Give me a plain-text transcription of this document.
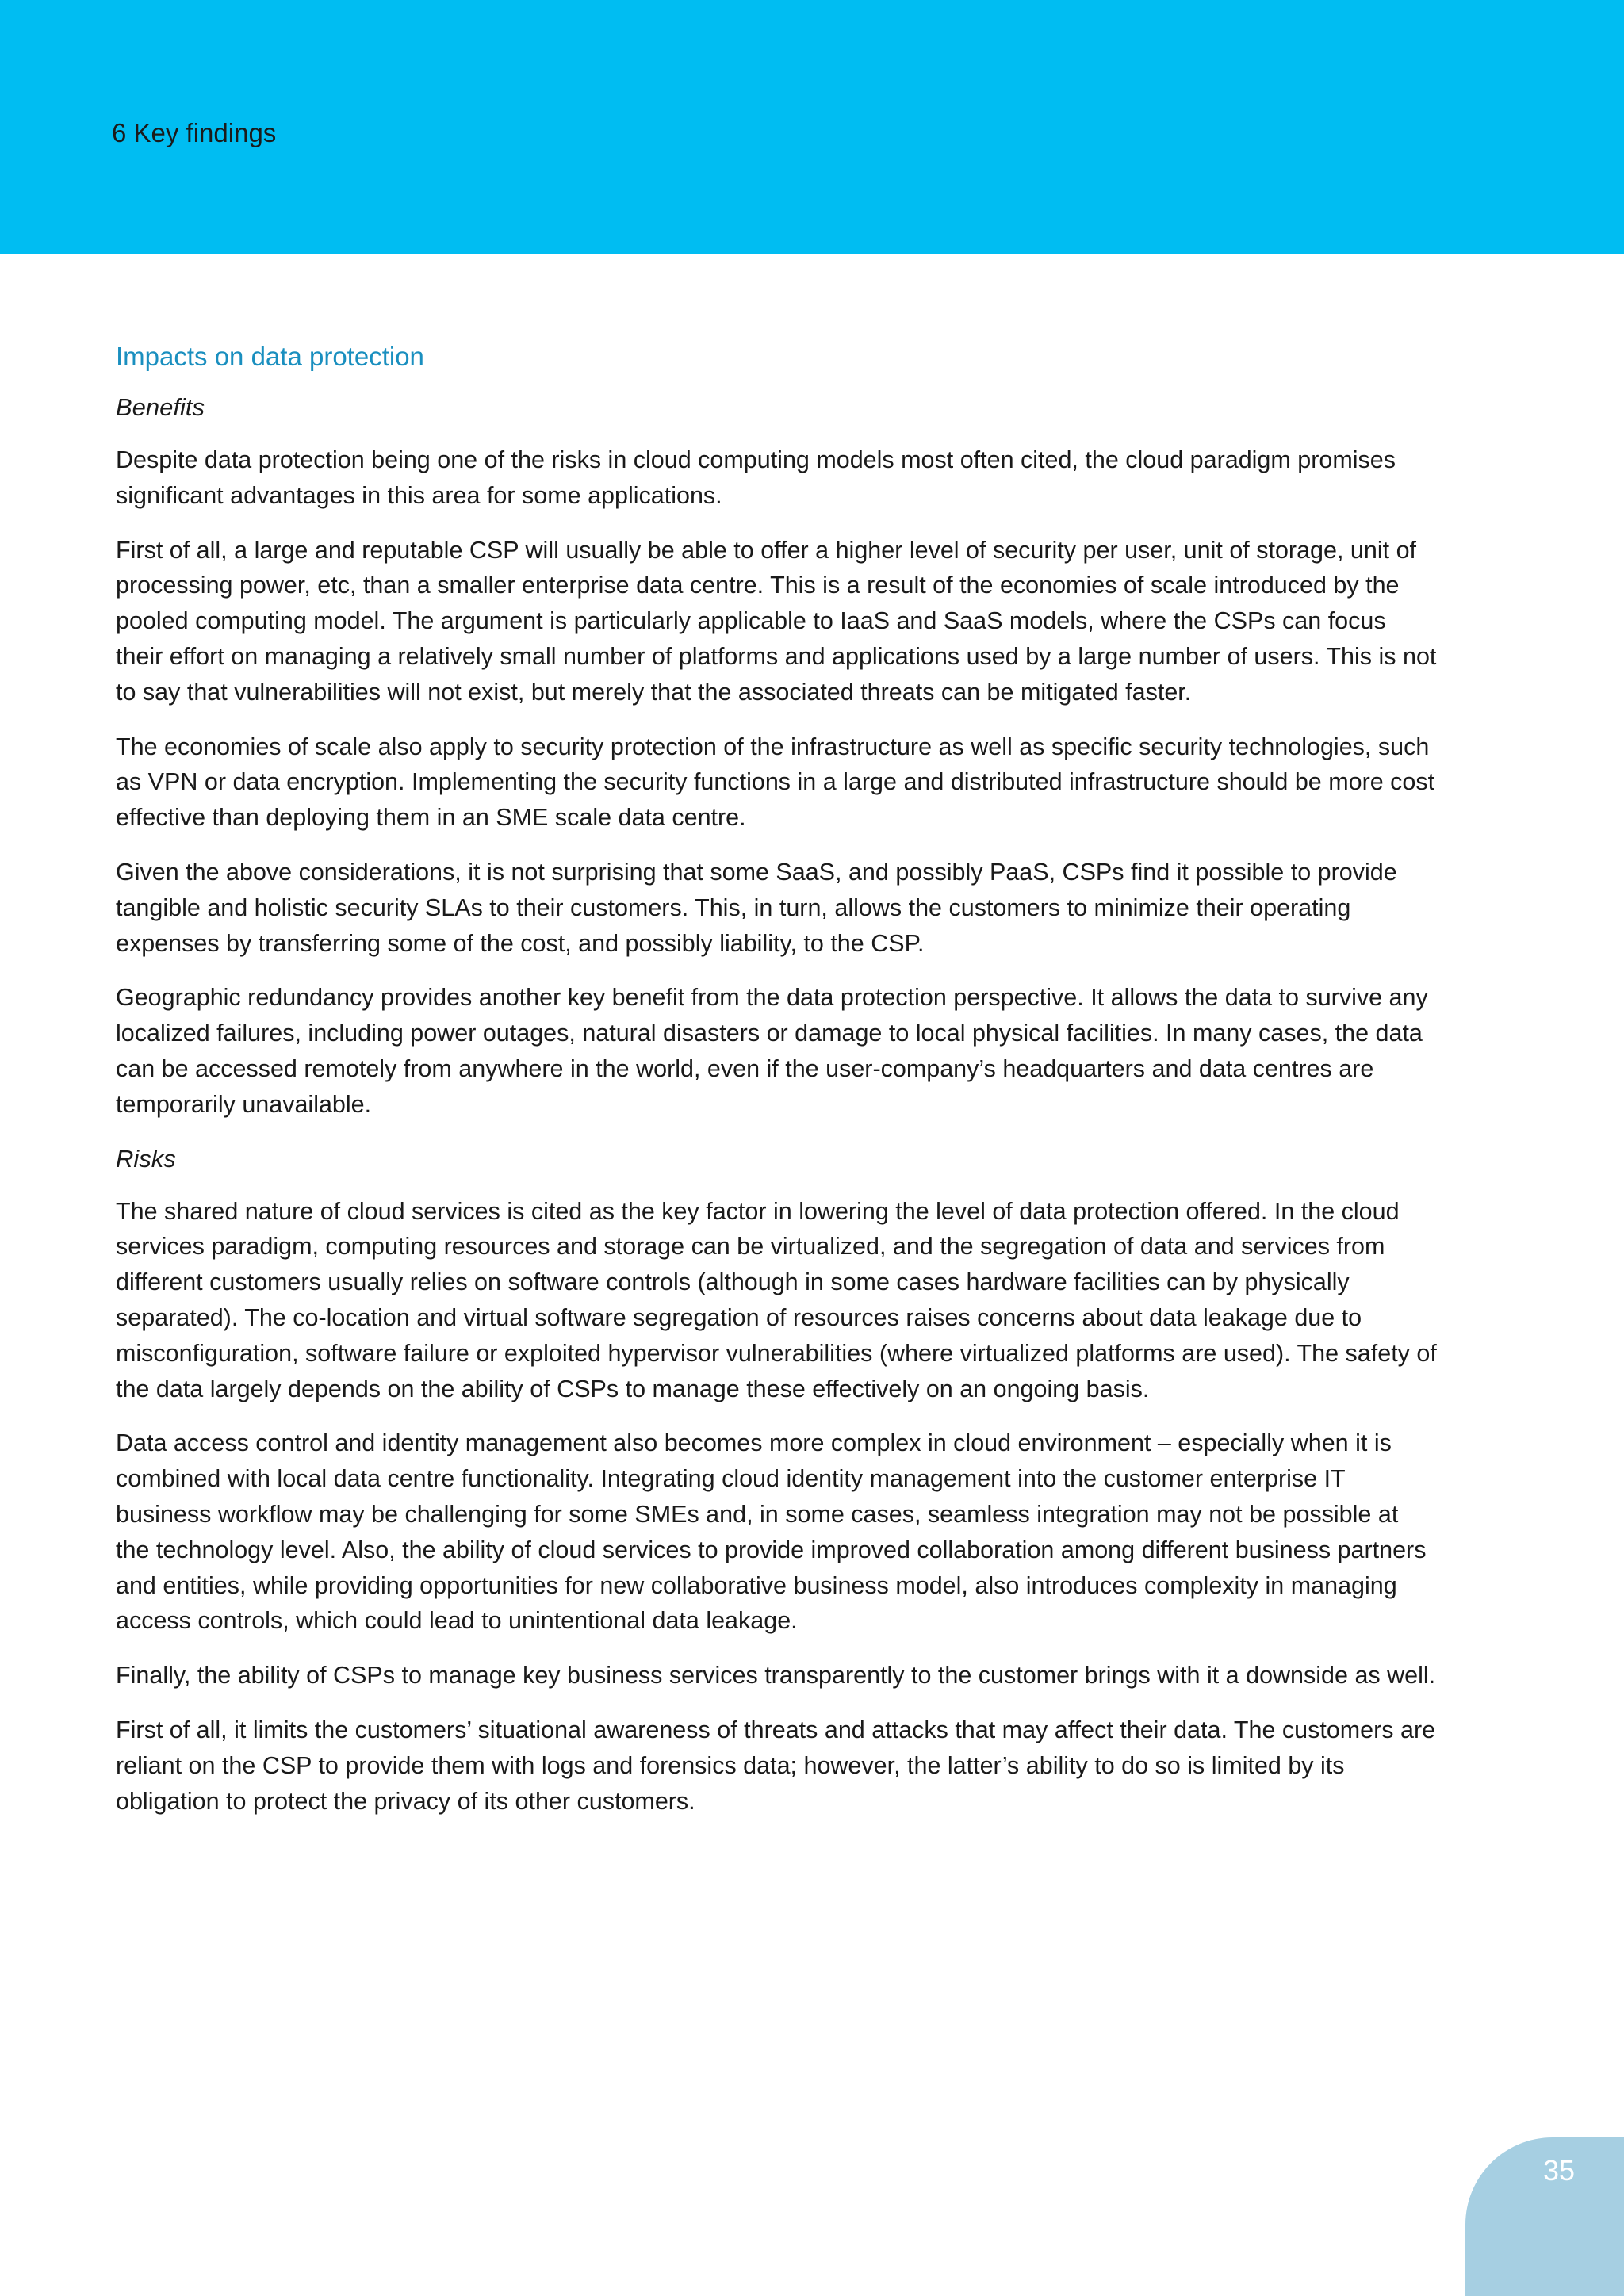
6 Key findings
Impacts on data protection
Benefits

Despite data protection being one of the risks in cloud computing models most often cited, the cloud paradigm promises significant advantages in this area for some applications.

First of all, a large and reputable CSP will usually be able to offer a higher level of security per user, unit of storage, unit of processing power, etc, than a smaller enterprise data centre. This is a result of the economies of scale introduced by the pooled computing model. The argument is particularly applicable to IaaS and SaaS models, where the CSPs can focus their effort on managing a relatively small number of platforms and applications used by a large number of users. This is not to say that vulnerabilities will not exist, but merely that the associated threats can be mitigated faster.

The economies of scale also apply to security protection of the infrastructure as well as specific security technologies, such as VPN or data encryption. Implementing the security functions in a large and distributed infrastructure should be more cost effective than deploying them in an SME scale data centre.

Given the above considerations, it is not surprising that some SaaS, and possibly PaaS, CSPs find it possible to provide tangible and holistic security SLAs to their customers. This, in turn, allows the customers to minimize their operating expenses by transferring some of the cost, and possibly liability, to the CSP.

Geographic redundancy provides another key benefit from the data protection perspective. It allows the data to survive any localized failures, including power outages, natural disasters or damage to local physical facilities. In many cases, the data can be accessed remotely from anywhere in the world, even if the user-company’s headquarters and data centres are temporarily unavailable.

Risks

The shared nature of cloud services is cited as the key factor in lowering the level of data protection offered. In the cloud services paradigm, computing resources and storage can be virtualized, and the segregation of data and services from different customers usually relies on software controls (although in some cases hardware facilities can by physically separated). The co-location and virtual software segregation of resources raises concerns about data leakage due to misconfiguration, software failure or exploited hypervisor vulnerabilities (where virtualized platforms are used). The safety of the data largely depends on the ability of CSPs to manage these effectively on an ongoing basis.

Data access control and identity management also becomes more complex in cloud environment – especially when it is combined with local data centre functionality. Integrating cloud identity management into the customer enterprise IT business workflow may be challenging for some SMEs and, in some cases, seamless integration may not be possible at the technology level. Also, the ability of cloud services to provide improved collaboration among different business partners and entities, while providing opportunities for new collaborative business model, also introduces complexity in managing access controls, which could lead to unintentional data leakage.

Finally, the ability of CSPs to manage key business services transparently to the customer brings with it a downside as well.

First of all, it limits the customers’ situational awareness of threats and attacks that may affect their data. The customers are reliant on the CSP to provide them with logs and forensics data; however, the latter’s ability to do so is limited by its obligation to protect the privacy of its other customers.

35
